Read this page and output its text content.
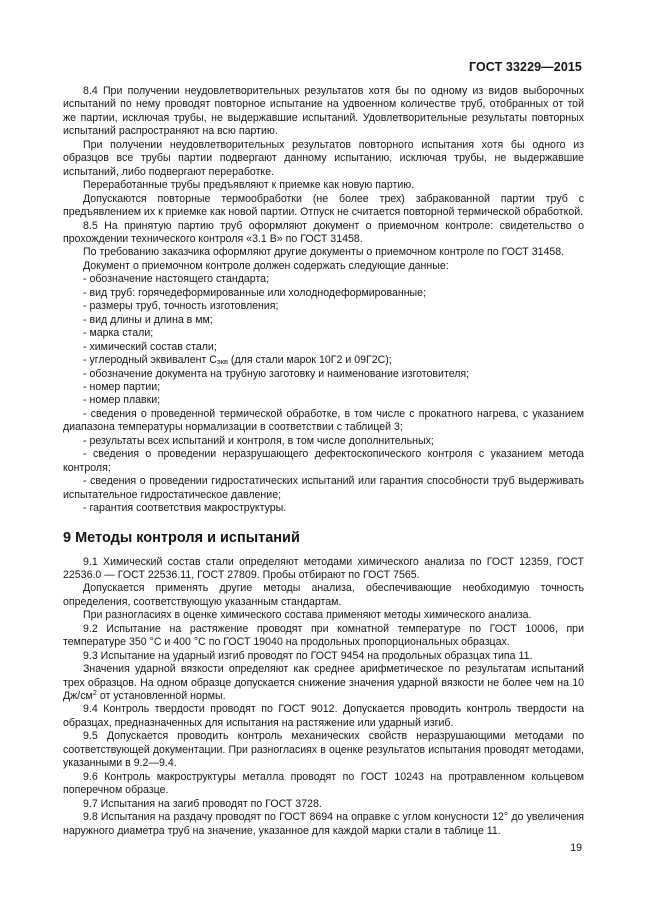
ГОСТ 33229—2015

8.4 При получении неудовлетворительных результатов хотя бы по одному из видов выборочных испытаний по нему проводят повторное испытание на удвоенном количестве труб, отобранных от той же партии, исключая трубы, не выдержавшие испытаний. Удовлетворительные результаты повторных испытаний распространяют на всю партию.

При получении неудовлетворительных результатов повторного испытания хотя бы одного из образцов все трубы партии подвергают данному испытанию, исключая трубы, не выдержавшие испытаний, либо подвергают переработке.

Переработанные трубы предъявляют к приемке как новую партию.

Допускаются повторные термообработки (не более трех) забракованной партии труб с предъявлением их к приемке как новой партии. Отпуск не считается повторной термической обработкой.

8.5 На принятую партию труб оформляют документ о приемочном контроле: свидетельство о прохождении технического контроля «3.1 В» по ГОСТ 31458.

По требованию заказчика оформляют другие документы о приемочном контроле по ГОСТ 31458.

Документ о приемочном контроле должен содержать следующие данные:

- обозначение настоящего стандарта;

- вид труб: горячедеформированные или холоднодеформированные;

- размеры труб, точность изготовления;

- вид длины и длина в мм;

- марка стали;

- химический состав стали;

- углеродный эквивалент $С_{экв}$ (для стали марок 10Г2 и 09Г2С);

- обозначение документа на трубную заготовку и наименование изготовителя;

- номер партии;

- номер плавки;

- сведения о проведенной термической обработке, в том числе с прокатного нагрева, с указанием диапазона температуры нормализации в соответствии с таблицей 3;

- результаты всех испытаний и контроля, в том числе дополнительных;

- сведения о проведении неразрушающего дефектоскопического контроля с указанием метода контроля;

- сведения о проведении гидростатических испытаний или гарантия способности труб выдерживать испытательное гидростатическое давление;

- гарантия соответствия макроструктуры.

9 Методы контроля и испытаний

9.1 Химический состав стали определяют методами химического анализа по ГОСТ 12359, ГОСТ 22536.0 — ГОСТ 22536.11, ГОСТ 27809. Пробы отбирают по ГОСТ 7565.

Допускается применять другие методы анализа, обеспечивающие необходимую точность определения, соответствующую указанным стандартам.

При разногласиях в оценке химического состава применяют методы химического анализа.

9.2 Испытание на растяжение проводят при комнатной температуре по ГОСТ 10006, при температуре 350 °С и 400 °С по ГОСТ 19040 на продольных пропорциональных образцах.

9.3 Испытание на ударный изгиб проводят по ГОСТ 9454 на продольных образцах типа 11.

Значения ударной вязкости определяют как среднее арифметическое по результатам испытаний трех образцов. На одном образце допускается снижение значения ударной вязкости не более чем на 10 $Дж/см^2$ от установленной нормы.

9.4 Контроль твердости проводят по ГОСТ 9012. Допускается проводить контроль твердости на образцах, предназначенных для испытания на растяжение или ударный изгиб.

9.5 Допускается проводить контроль механических свойств неразрушающими методами по соответствующей документации. При разногласиях в оценке результатов испытания проводят методами, указанными в 9.2—9.4.

9.6 Контроль макроструктуры металла проводят по ГОСТ 10243 на протравленном кольцевом поперечном образце.

9.7 Испытания на загиб проводят по ГОСТ 3728.

9.8 Испытания на раздачу проводят по ГОСТ 8694 на оправке с углом конусности 12° до увеличения наружного диаметра труб на значение, указанное для каждой марки стали в таблице 11.

19
